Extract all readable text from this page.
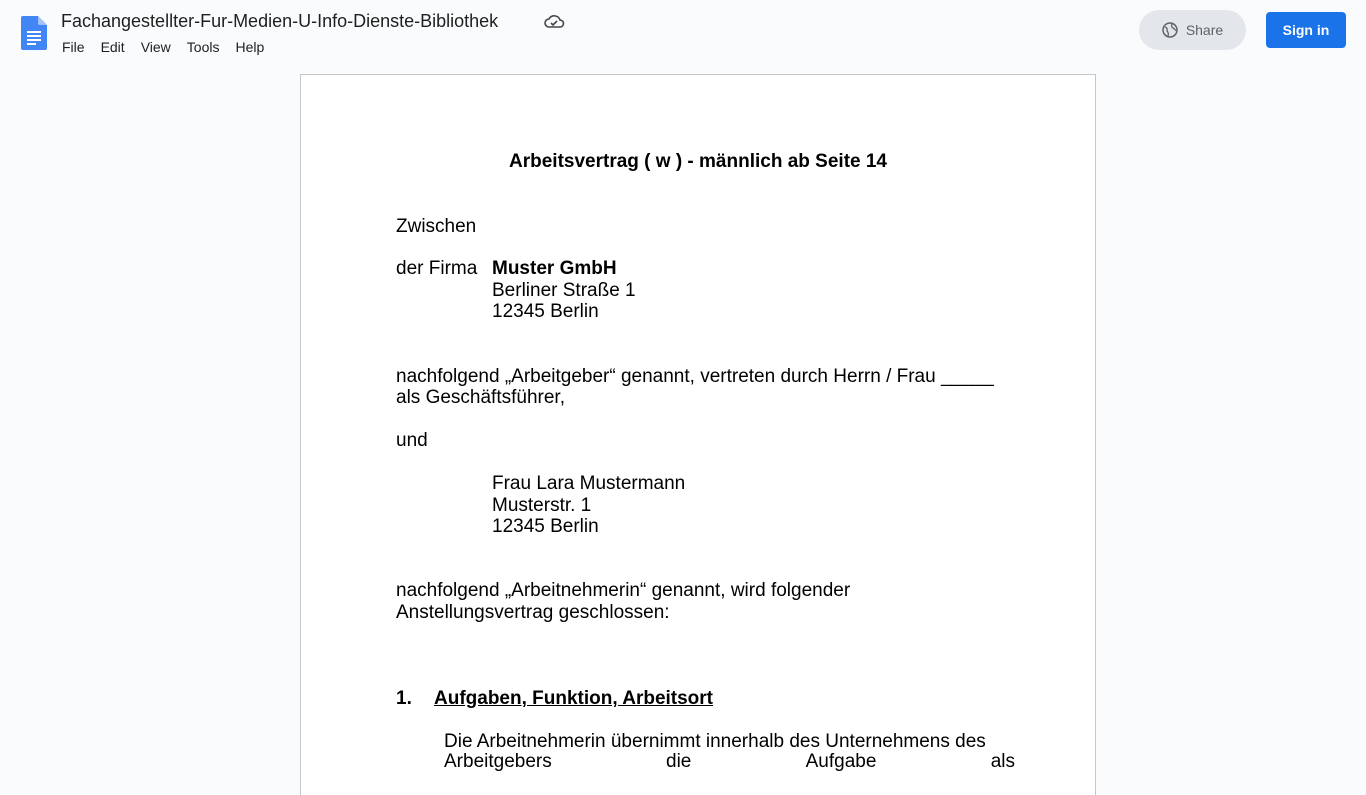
Fachangestellter-Fur-Medien-U-Info-Dienste-Bibliothek
File	Edit	View	Tools	Help
Share	Sign in
Arbeitsvertrag ( w ) - männlich ab Seite 14
Zwischen
der Firma Muster GmbH
Berliner Straße 1
12345 Berlin
nachfolgend „Arbeitgeber“ genannt, vertreten durch Herrn / Frau _____
als Geschäftsführer,
und
Frau Lara Mustermann
Musterstr. 1
12345 Berlin
nachfolgend „Arbeitnehmerin“ genannt, wird folgender
Anstellungsvertrag geschlossen:
1. Aufgaben, Funktion, Arbeitsort
Die Arbeitnehmerin übernimmt innerhalb des Unternehmens des
Arbeitgebers	die	Aufgabe	als
